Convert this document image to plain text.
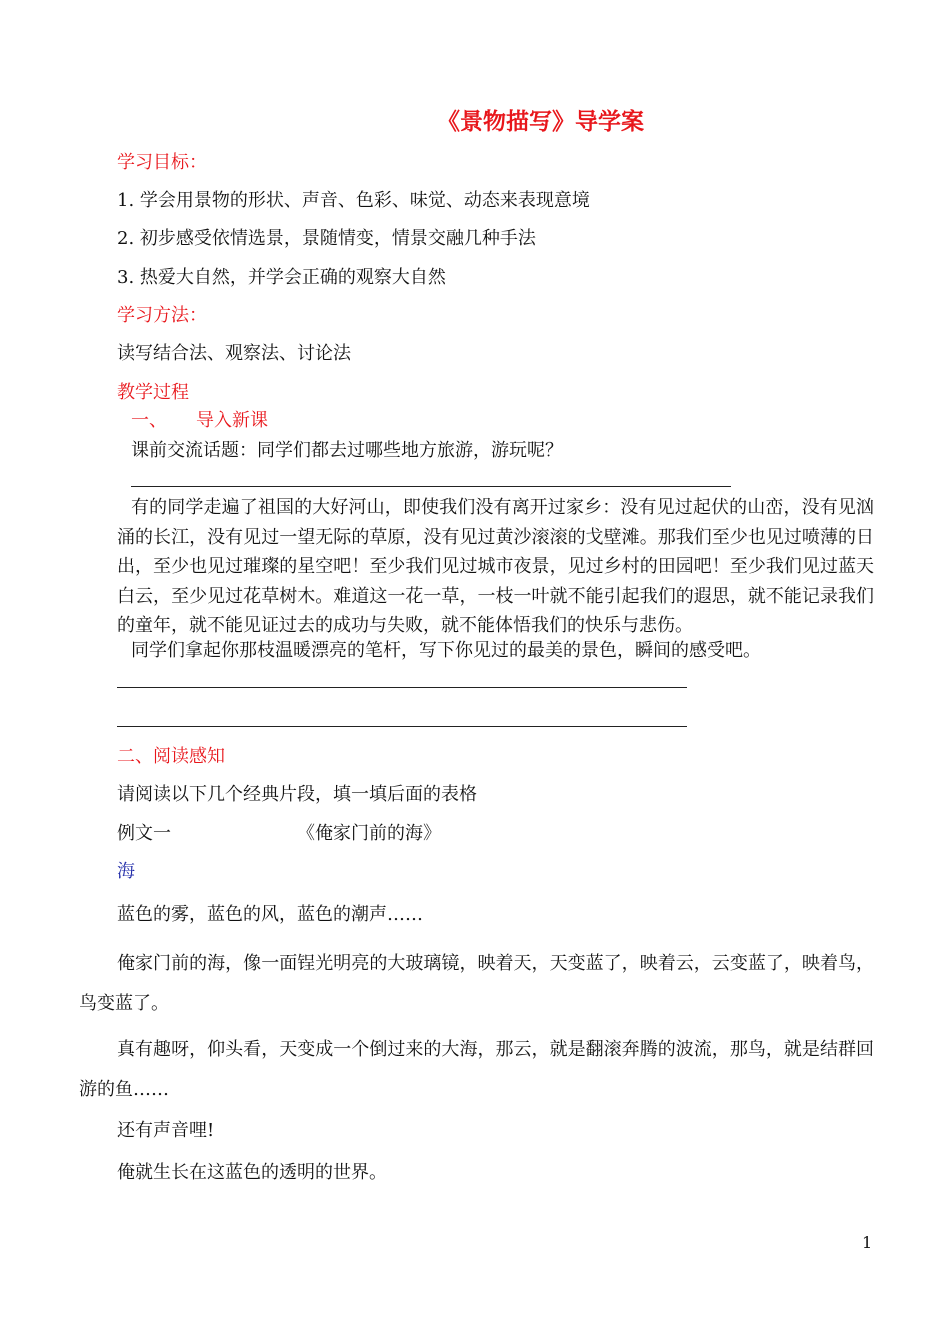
《景物描写》导学案
学习目标：
1. 学会用景物的形状、声音、色彩、味觉、动态来表现意境
2. 初步感受依情选景，景随情变，情景交融几种手法
3. 热爱大自然，并学会正确的观察大自然
学习方法：
读写结合法、观察法、讨论法
教学过程
一、 导入新课
课前交流话题：同学们都去过哪些地方旅游，游玩呢？
有的同学走遍了祖国的大好河山，即使我们没有离开过家乡：没有见过起伏的山峦，没有见汹涌的长江，没有见过一望无际的草原，没有见过黄沙滚滚的戈壁滩。那我们至少也见过喷薄的日出，至少也见过璀璨的星空吧！至少我们见过城市夜景，见过乡村的田园吧！至少我们见过蓝天白云，至少见过花草树木。难道这一花一草，一枝一叶就不能引起我们的遐思，就不能记录我们的童年，就不能见证过去的成功与失败，就不能体悟我们的快乐与悲伤。
同学们拿起你那枝温暖漂亮的笔杆，写下你见过的最美的景色，瞬间的感受吧。
二、阅读感知
请阅读以下几个经典片段，填一填后面的表格
例文一	《俺家门前的海》
海
蓝色的雾，蓝色的风，蓝色的潮声……
俺家门前的海，像一面锃光明亮的大玻璃镜，映着天，天变蓝了，映着云，云变蓝了，映着鸟，鸟变蓝了。
真有趣呀，仰头看，天变成一个倒过来的大海，那云，就是翻滚奔腾的波流，那鸟，就是结群回游的鱼……
还有声音哩!
俺就生长在这蓝色的透明的世界。
1
